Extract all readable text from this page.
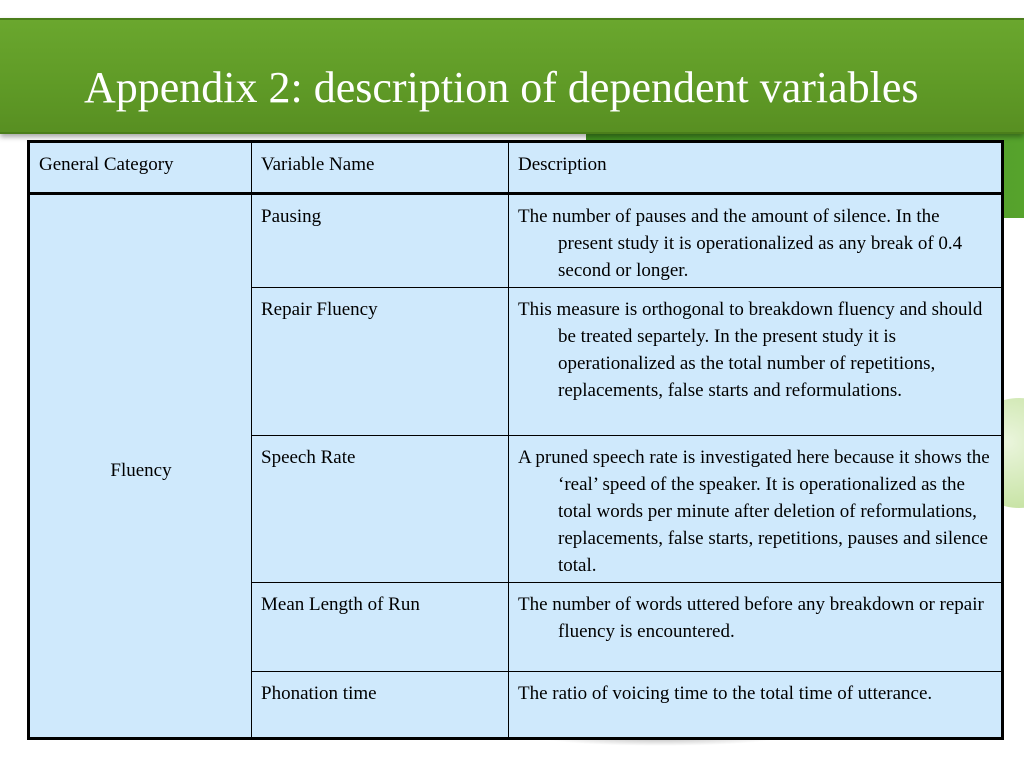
Appendix 2: description of dependent variables
General Category	Variable Name	Description
Fluency	Pausing	The number of pauses and the amount of silence. In the present study it is operationalized as any break of 0.4 second or longer.

	Repair Fluency	This measure is orthogonal to breakdown fluency and should be treated separtely. In the present study it is operationalized as the total number of repetitions, replacements, false starts and reformulations.

	Speech Rate	A pruned speech rate is investigated here because it shows the ‘real’ speed of the speaker. It is operationalized as the total words per minute after deletion of reformulations, replacements, false starts, repetitions, pauses and silence total.

	Mean Length of Run	The number of words uttered before any breakdown or repair fluency is encountered.

	Phonation time	The ratio of voicing time to the total time of utterance.
